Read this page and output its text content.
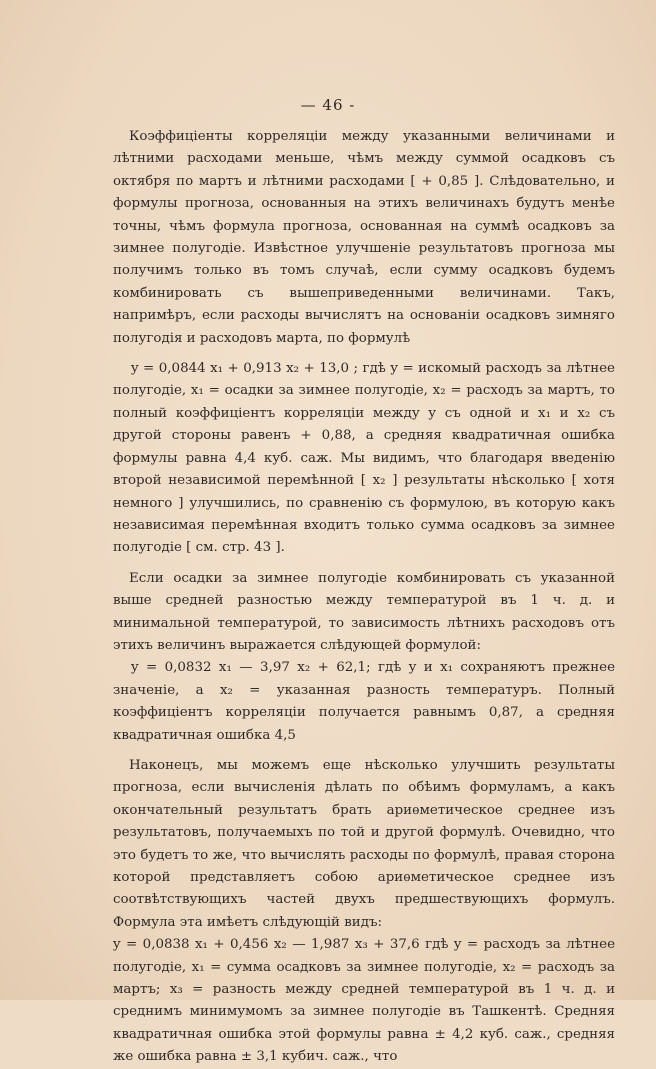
— 46 -

Коэффиціенты корреляціи между указанными величинами и лѣтними расходами меньше, чѣмъ между суммой осадковъ съ октября по мартъ и лѣтними расходами [ + 0,85 ]. Слѣдовательно, и формулы прогноза, основанныя на этихъ величинахъ будутъ менѣе точны, чѣмъ формула прогноза, основанная на суммѣ осадковъ за зимнее полугодіе. Извѣстное улучшеніе результатовъ прогноза мы получимъ только въ томъ случаѣ, если сумму осадковъ будемъ комбинировать съ вышеприведенными величинами. Такъ, напримѣръ, если расходы вычислятъ на основаніи осадковъ зимняго полугодія и расходовъ марта, по формулѣ

y = 0,0844 x₁ + 0,913 x₂ + 13,0 ; гдѣ y = искомый расходъ за лѣтнее полугодіе, x₁ = осадки за зимнее полугодіе, x₂ = расходъ за мартъ, то полный коэффиціентъ корреляціи между y съ одной и x₁ и x₂ съ другой стороны равенъ + 0,88, а средняя квадратичная ошибка формулы равна 4,4 куб. саж. Мы видимъ, что благодаря введенію второй независимой перемѣнной [ x₂ ] результаты нѣсколько [ хотя немного ] улучшились, по сравненію съ формулою, въ которую какъ независимая перемѣнная входитъ только сумма осадковъ за зимнее полугодіе [ см. стр. 43 ].

Если осадки за зимнее полугодіе комбинировать съ указанной выше средней разностью между температурой въ 1 ч. д. и минимальной температурой, то зависимость лѣтнихъ расходовъ отъ этихъ величинъ выражается слѣдующей формулой:

y = 0,0832 x₁ — 3,97 x₂ + 62,1; гдѣ y и x₁ сохраняютъ прежнее значеніе, а x₂ = указанная разность температуръ. Полный коэффиціентъ корреляціи получается равнымъ 0,87, а средняя квадратичная ошибка 4,5

Наконецъ, мы можемъ еще нѣсколько улучшить результаты прогноза, если вычисленія дѣлать по обѣимъ формуламъ, а какъ окончательный результатъ брать ариѳметическое среднее изъ результатовъ, получаемыхъ по той и другой формулѣ. Очевидно, что это будетъ то же, что вычислять расходы по формулѣ, правая сторона которой представляетъ собою ариѳметическое среднее изъ соотвѣтствующихъ частей двухъ предшествующихъ формулъ. Формула эта имѣетъ слѣдующій видъ:

y = 0,0838 x₁ + 0,456 x₂ — 1,987 x₃ + 37,6 гдѣ y = расходъ за лѣтнее полугодіе, x₁ = сумма осадковъ за зимнее полугодіе, x₂ = расходъ за мартъ; x₃ = разность между средней температурой въ 1 ч. д. и среднимъ минимумомъ за зимнее полугодіе въ Ташкентѣ. Средняя квадратичная ошибка этой формулы равна ± 4,2 куб. саж., средняя же ошибка равна ± 3,1 кубич. саж., что
